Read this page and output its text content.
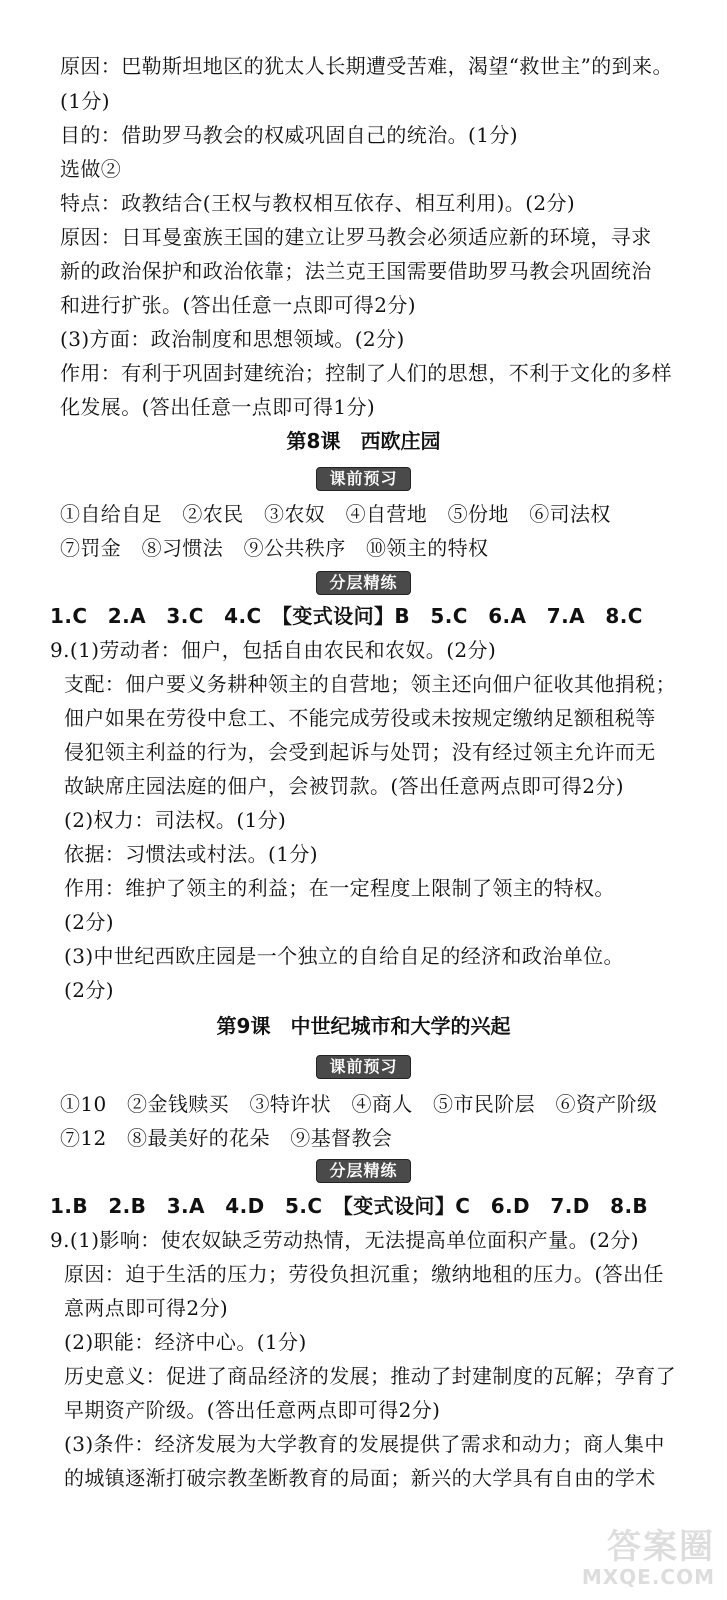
原因：巴勒斯坦地区的犹太人长期遭受苦难，渴望“救世主”的到来。
(1分)
目的：借助罗马教会的权威巩固自己的统治。(1分)
选做②
特点：政教结合(王权与教权相互依存、相互利用)。(2分)
原因：日耳曼蛮族王国的建立让罗马教会必须适应新的环境，寻求
新的政治保护和政治依靠；法兰克王国需要借助罗马教会巩固统治
和进行扩张。(答出任意一点即可得2分)
(3)方面：政治制度和思想领域。(2分)
作用：有利于巩固封建统治；控制了人们的思想，不利于文化的多样
化发展。(答出任意一点即可得1分)
第8课　西欧庄园
课前预习
①自给自足　②农民　③农奴　④自营地　⑤份地　⑥司法权
⑦罚金　⑧习惯法　⑨公共秩序　⑩领主的特权
分层精练
1.C　2.A　3.C　4.C　【变式设问】B　5.C　6.A　7.A　8.C
9.(1)劳动者：佃户，包括自由农民和农奴。(2分)
支配：佃户要义务耕种领主的自营地；领主还向佃户征收其他捐税；
佃户如果在劳役中怠工、不能完成劳役或未按规定缴纳足额租税等
侵犯领主利益的行为，会受到起诉与处罚；没有经过领主允许而无
故缺席庄园法庭的佃户，会被罚款。(答出任意两点即可得2分)
(2)权力：司法权。(1分)
依据：习惯法或村法。(1分)
作用：维护了领主的利益；在一定程度上限制了领主的特权。
(2分)
(3)中世纪西欧庄园是一个独立的自给自足的经济和政治单位。
(2分)
第9课　中世纪城市和大学的兴起
课前预习
①10　②金钱赎买　③特许状　④商人　⑤市民阶层　⑥资产阶级
⑦12　⑧最美好的花朵　⑨基督教会
分层精练
1.B　2.B　3.A　4.D　5.C　【变式设问】C　6.D　7.D　8.B
9.(1)影响：使农奴缺乏劳动热情，无法提高单位面积产量。(2分)
原因：迫于生活的压力；劳役负担沉重；缴纳地租的压力。(答出任
意两点即可得2分)
(2)职能：经济中心。(1分)
历史意义：促进了商品经济的发展；推动了封建制度的瓦解；孕育了
早期资产阶级。(答出任意两点即可得2分)
(3)条件：经济发展为大学教育的发展提供了需求和动力；商人集中
的城镇逐渐打破宗教垄断教育的局面；新兴的大学具有自由的学术
答案圈
MXQE.COM
